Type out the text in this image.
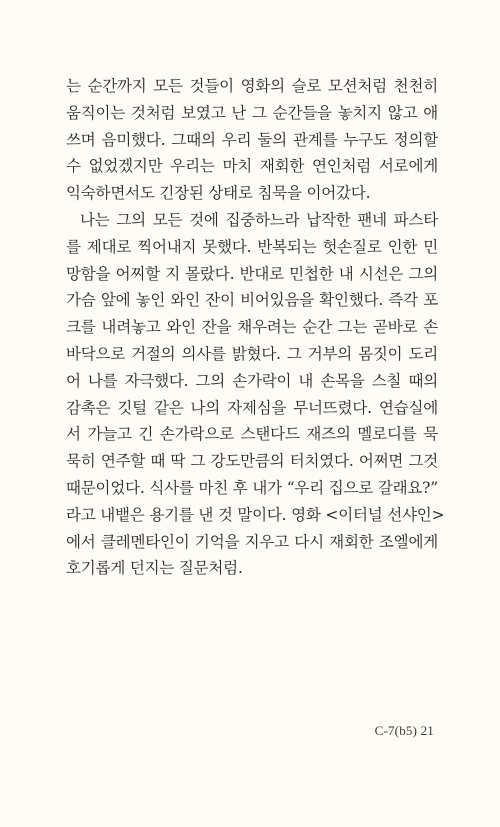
는 순간까지 모든 것들이 영화의 슬로 모션처럼 천천히
움직이는 것처럼 보였고 난 그 순간들을 놓치지 않고 애
쓰며 음미했다. 그때의 우리 둘의 관계를 누구도 정의할
수 없었겠지만 우리는 마치 재회한 연인처럼 서로에게
익숙하면서도 긴장된 상태로 침묵을 이어갔다.
나는 그의 모든 것에 집중하느라 납작한 팬네 파스타
를 제대로 찍어내지 못했다. 반복되는 헛손질로 인한 민
망함을 어찌할 지 몰랐다. 반대로 민첩한 내 시선은 그의
가슴 앞에 놓인 와인 잔이 비어있음을 확인했다. 즉각 포
크를 내려놓고 와인 잔을 채우려는 순간 그는 곧바로 손
바닥으로 거절의 의사를 밝혔다. 그 거부의 몸짓이 도리
어 나를 자극했다. 그의 손가락이 내 손목을 스칠 때의
감촉은 깃털 같은 나의 자제심을 무너뜨렸다. 연습실에
서 가늘고 긴 손가락으로 스탠다드 재즈의 멜로디를 묵
묵히 연주할 때 딱 그 강도만큼의 터치였다. 어쩌면 그것
때문이었다. 식사를 마친 후 내가 “우리 집으로 갈래요?”
라고 내뱉은 용기를 낸 것 말이다. 영화 <이터널 선샤인>
에서 클레멘타인이 기억을 지우고 다시 재회한 조엘에게
호기롭게 던지는 질문처럼.
C-7(b5) 21
